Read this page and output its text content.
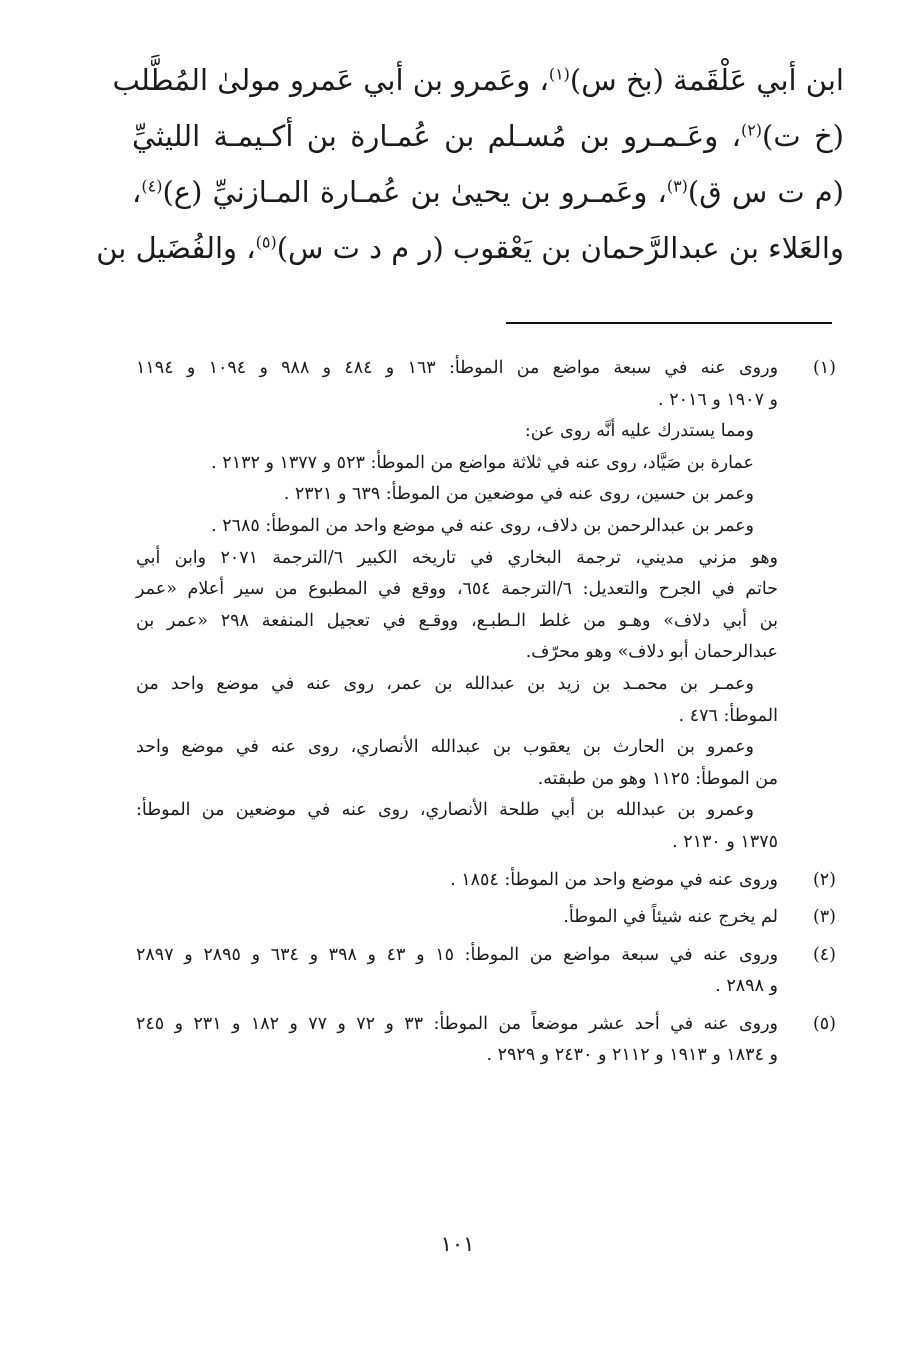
ابن أبي عَلْقَمة (بخ س)$^{(١)}$، وعَمرو بن أبي عَمرو مولىٰ المُطَّلب
(خ ت)$^{(٢)}$، وعَـمـرو بن مُسـلم بن عُمـارة بن أكـيمـة الليثيِّ
(م ت س ق)$^{(٣)}$، وعَمـرو بن يحيىٰ بن عُمـارة المـازنيِّ (ع)$^{(٤)}$،
والعَلاء بن عبدالرَّحمان بن يَعْقوب (ر م د ت س)$^{(٥)}$، والفُضَيل بن
(١)
وروى عنه في سبعة مواضع من الموطأ: ١٦٣ و ٤٨٤ و ٩٨٨ و ١٠٩٤ و ١١٩٤
و ١٩٠٧ و ٢٠١٦ .
ومما يستدرك عليه أنَّه روى عن:
عمارة بن صَيَّاد، روى عنه في ثلاثة مواضع من الموطأ: ٥٢٣ و ١٣٧٧ و ٢١٣٢ .
وعمر بن حسين، روى عنه في موضعين من الموطأ: ٦٣٩ و ٢٣٢١ .
وعمر بن عبدالرحمن بن دلاف، روى عنه في موضع واحد من الموطأ: ٢٦٨٥ .
وهو مزني مديني، ترجمة البخاري في تاريخه الكبير ٦/الترجمة ٢٠٧١ وابن أبي
حاتم في الجرح والتعديل: ٦/الترجمة ٦٥٤، ووقع في المطبوع من سير أعلام «عمر
بن أبي دلاف» وهـو من غلط الـطبـع، ووقـع في تعجيل المنفعة ٢٩٨ «عمر بن
عبدالرحمان أبو دلاف» وهو محرّف.
وعمـر بن محمـد بن زيد بن عبدالله بن عمر، روى عنه في موضع واحد من
الموطأ: ٤٧٦ .
وعمرو بن الحارث بن يعقوب بن عبدالله الأنصاري، روى عنه في موضع واحد
من الموطأ: ١١٢٥ وهو من طبقته.
وعمرو بن عبدالله بن أبي طلحة الأنصاري، روى عنه في موضعين من الموطأ:
١٣٧٥ و ٢١٣٠ .
(٢)
وروى عنه في موضع واحد من الموطأ: ١٨٥٤ .
(٣)
لم يخرج عنه شيئاً في الموطأ.
(٤)
وروى عنه في سبعة مواضع من الموطأ: ١٥ و ٤٣ و ٣٩٨ و ٦٣٤ و ٢٨٩٥ و ٢٨٩٧
و ٢٨٩٨ .
(٥)
وروى عنه في أحد عشر موضعاً من الموطأ: ٣٣ و ٧٢ و ٧٧ و ١٨٢ و ٢٣١ و ٢٤٥
و ١٨٣٤ و ١٩١٣ و ٢١١٢ و ٢٤٣٠ و ٢٩٢٩ .
١٠١
